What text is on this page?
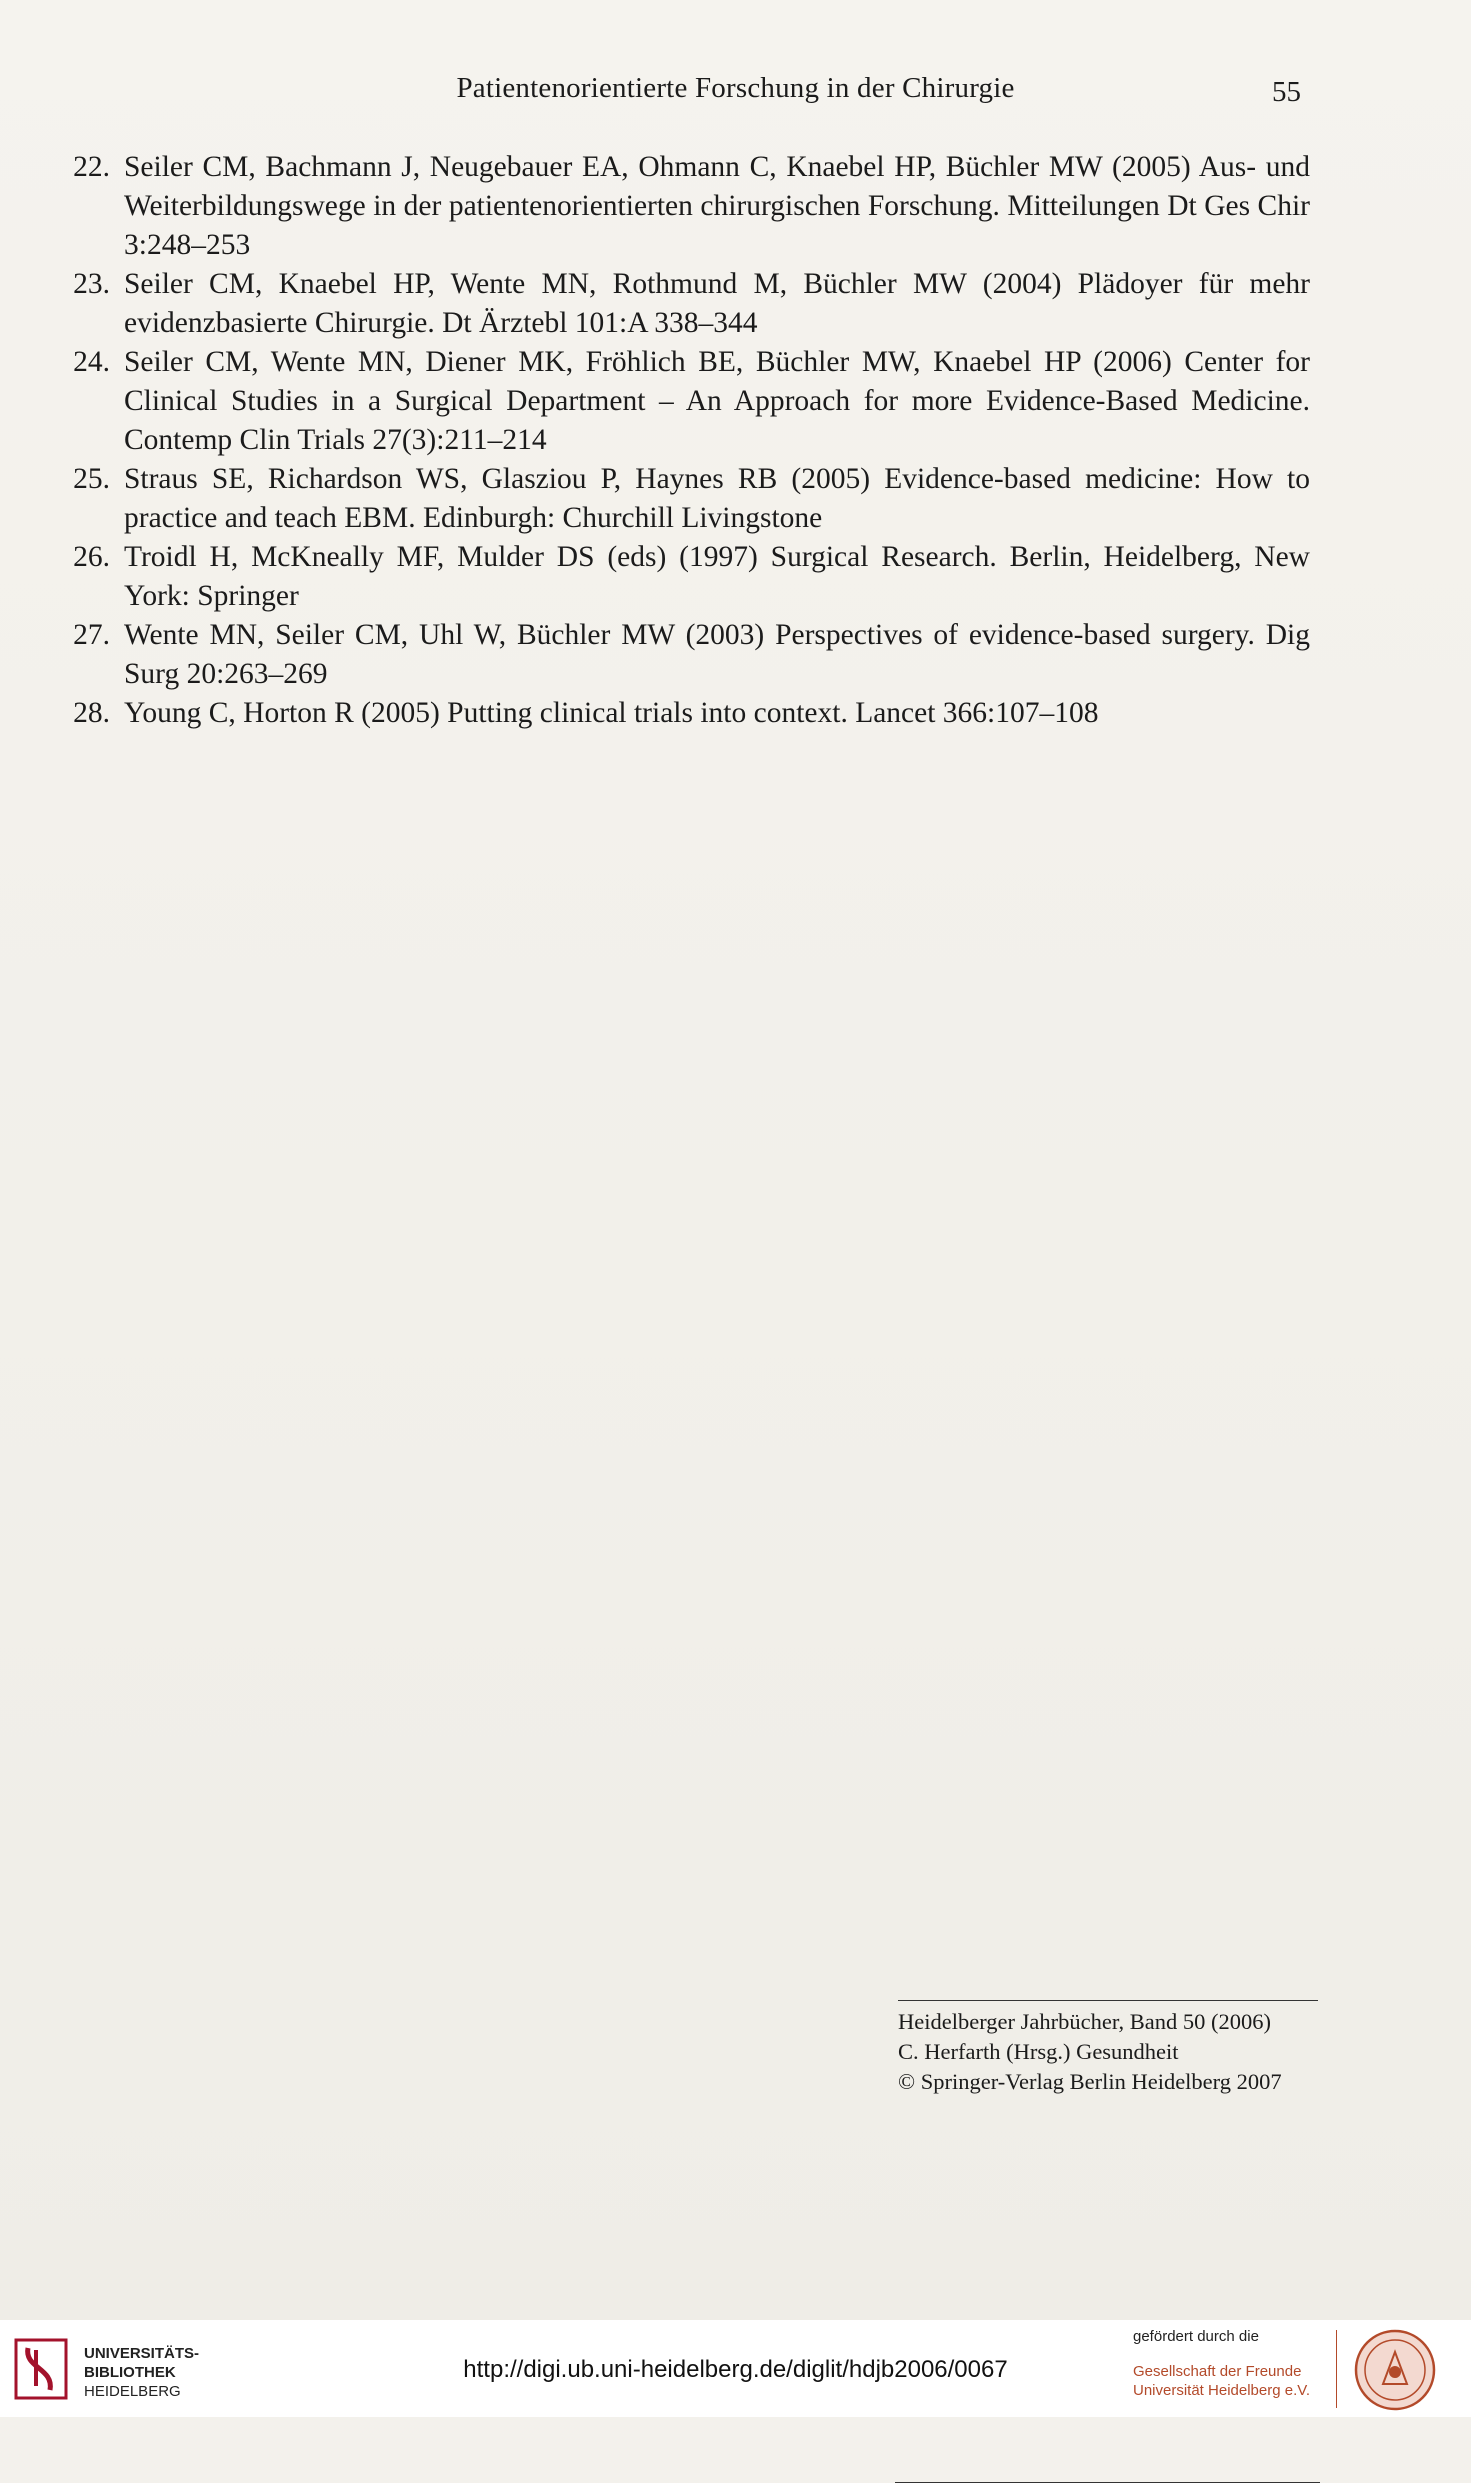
Patientenorientierte Forschung in der Chirurgie	55
22. Seiler CM, Bachmann J, Neugebauer EA, Ohmann C, Knaebel HP, Büchler MW (2005) Aus- und Weiterbildungswege in der patientenorientierten chirurgischen Forschung. Mitteilungen Dt Ges Chir 3:248–253
23. Seiler CM, Knaebel HP, Wente MN, Rothmund M, Büchler MW (2004) Plädoyer für mehr evidenzbasierte Chirurgie. Dt Ärztebl 101:A 338–344
24. Seiler CM, Wente MN, Diener MK, Fröhlich BE, Büchler MW, Knaebel HP (2006) Center for Clinical Studies in a Surgical Department – An Approach for more Evidence-Based Medicine. Contemp Clin Trials 27(3):211–214
25. Straus SE, Richardson WS, Glasziou P, Haynes RB (2005) Evidence-based medicine: How to practice and teach EBM. Edinburgh: Churchill Livingstone
26. Troidl H, McKneally MF, Mulder DS (eds) (1997) Surgical Research. Berlin, Heidelberg, New York: Springer
27. Wente MN, Seiler CM, Uhl W, Büchler MW (2003) Perspectives of evidence-based surgery. Dig Surg 20:263–269
28. Young C, Horton R (2005) Putting clinical trials into context. Lancet 366:107–108
Heidelberger Jahrbücher, Band 50 (2006)
C. Herfarth (Hrsg.) Gesundheit
© Springer-Verlag Berlin Heidelberg 2007
UNIVERSITÄTS-
BIBLIOTHEK
HEIDELBERG
http://digi.ub.uni-heidelberg.de/diglit/hdjb2006/0067
gefördert durch die
Gesellschaft der Freunde
Universität Heidelberg e.V.
